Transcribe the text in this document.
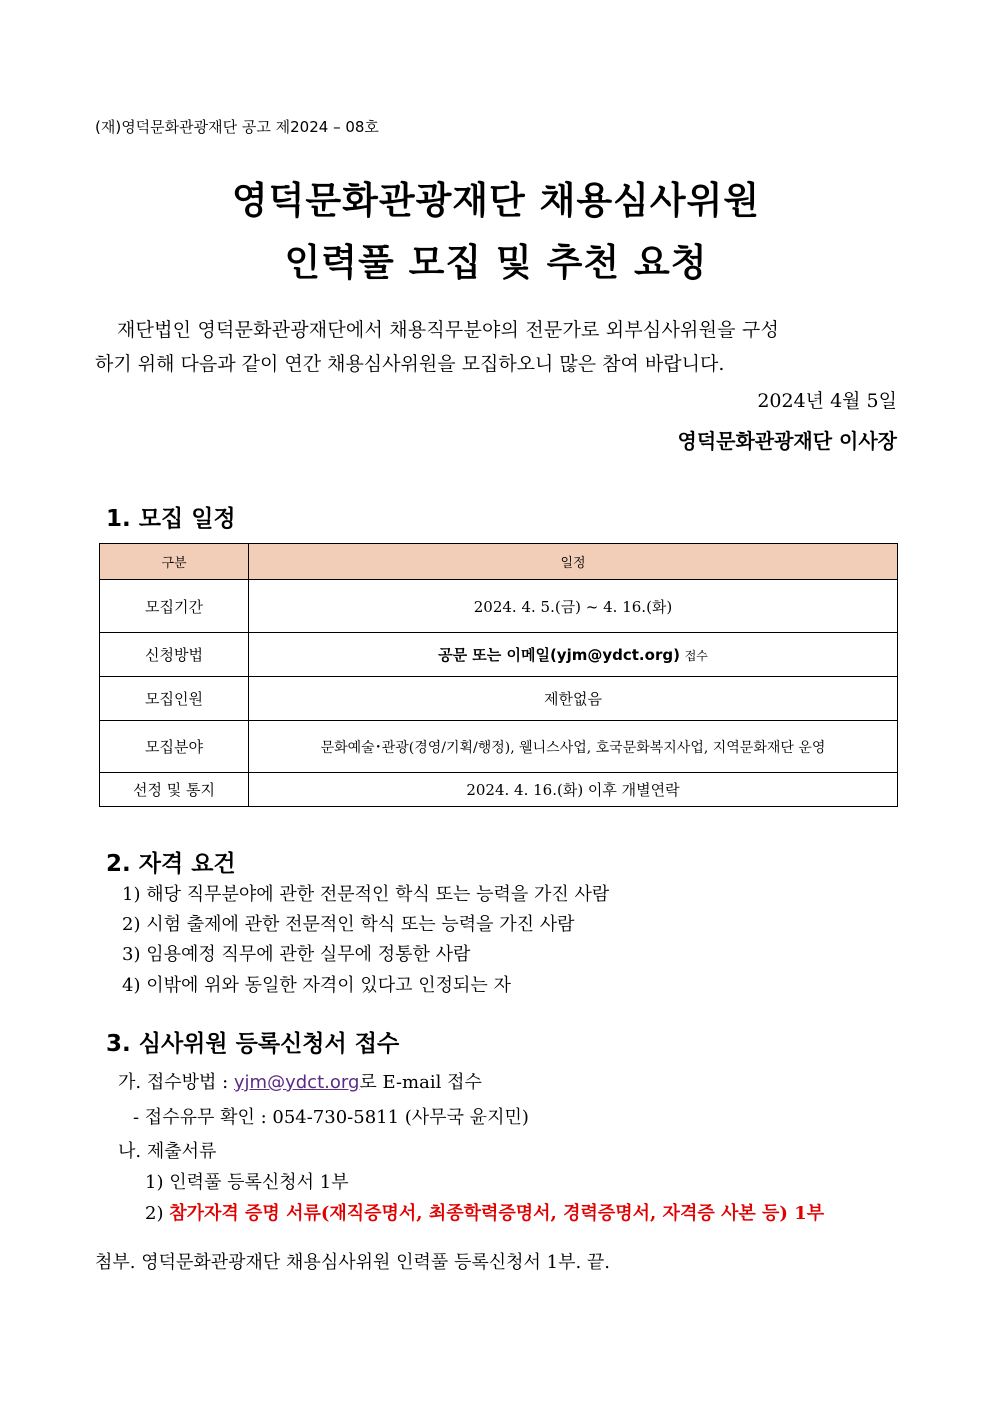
(재)영덕문화관광재단 공고 제2024 – 08호
영덕문화관광재단 채용심사위원
인력풀 모집 및 추천 요청
재단법인 영덕문화관광재단에서 채용직무분야의 전문가로 외부심사위원을 구성
하기 위해 다음과 같이 연간 채용심사위원을 모집하오니 많은 참여 바랍니다.
2024년 4월 5일
영덕문화관광재단 이사장
1. 모집 일정
구분	일정
모집기간	2024. 4. 5.(금) ~ 4. 16.(화)
신청방법	공문 또는 이메일(yjm@ydct.org) 접수
모집인원	제한없음
모집분야	문화예술･관광(경영/기획/행정), 웰니스사업, 호국문화복지사업, 지역문화재단 운영
선정 및 통지	2024. 4. 16.(화) 이후 개별연락
2. 자격 요건
1) 해당 직무분야에 관한 전문적인 학식 또는 능력을 가진 사람
2) 시험 출제에 관한 전문적인 학식 또는 능력을 가진 사람
3) 임용예정 직무에 관한 실무에 정통한 사람
4) 이밖에 위와 동일한 자격이 있다고 인정되는 자
3. 심사위원 등록신청서 접수
가. 접수방법 : yjm@ydct.org로 E-mail 접수
- 접수유무 확인 : 054-730-5811 (사무국 윤지민)
나. 제출서류
1) 인력풀 등록신청서 1부
2) 참가자격 증명 서류(재직증명서, 최종학력증명서, 경력증명서, 자격증 사본 등) 1부
첨부. 영덕문화관광재단 채용심사위원 인력풀 등록신청서 1부. 끝.
